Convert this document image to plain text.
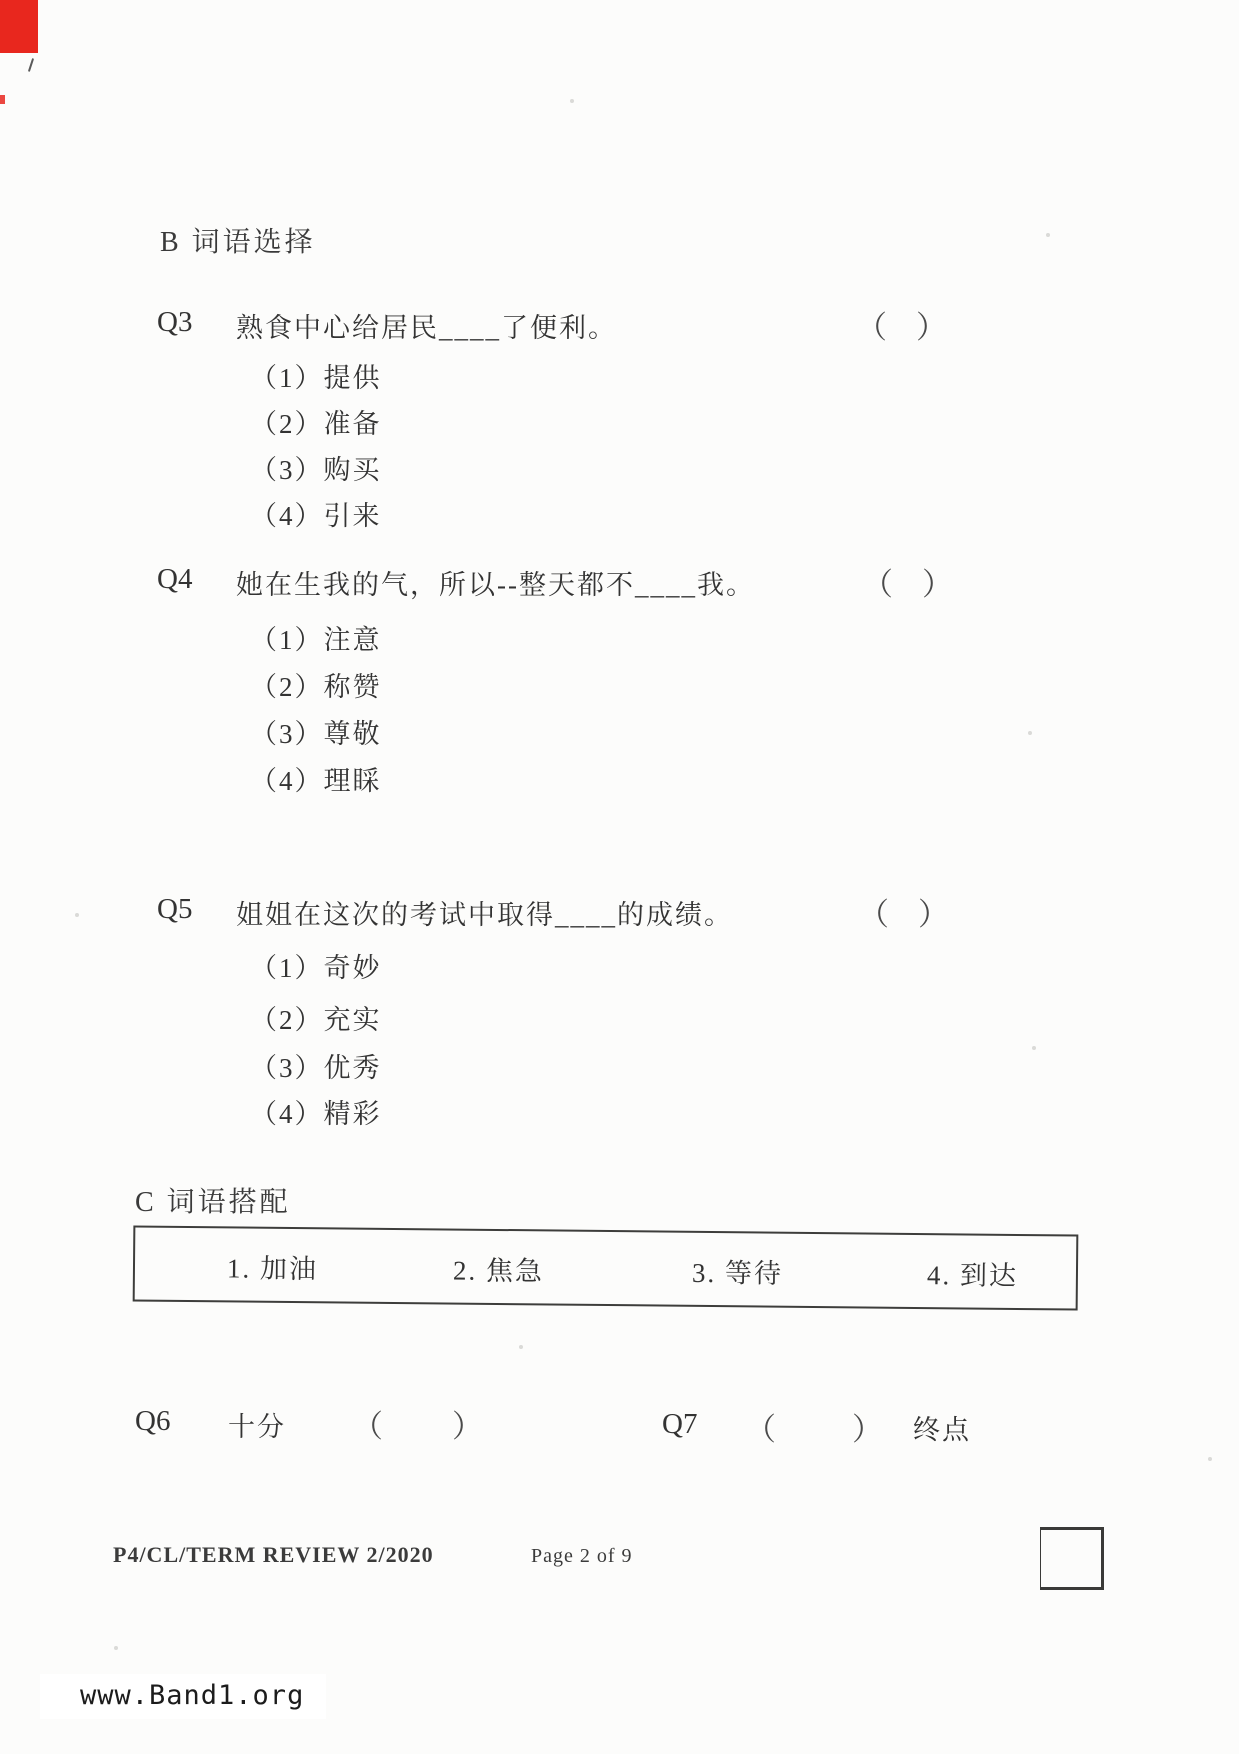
B 词语选择
Q3 熟食中心给居民____了便利。	（ ）
（1）提供
（2）准备
（3）购买
（4）引来
Q4 她在生我的气，所以--整天都不____我。	（ ）
（1）注意
（2）称赞
（3）尊敬
（4）理睬
Q5 姐姐在这次的考试中取得____的成绩。	（ ）
（1）奇妙
（2）充实
（3）优秀
（4）精彩
C 词语搭配
1. 加油	2. 焦急	3. 等待	4. 到达
Q6 十分 （ ）	Q7 （ ） 终点
P4/CL/TERM REVIEW 2/2020	Page 2 of 9
www.Band1.org
